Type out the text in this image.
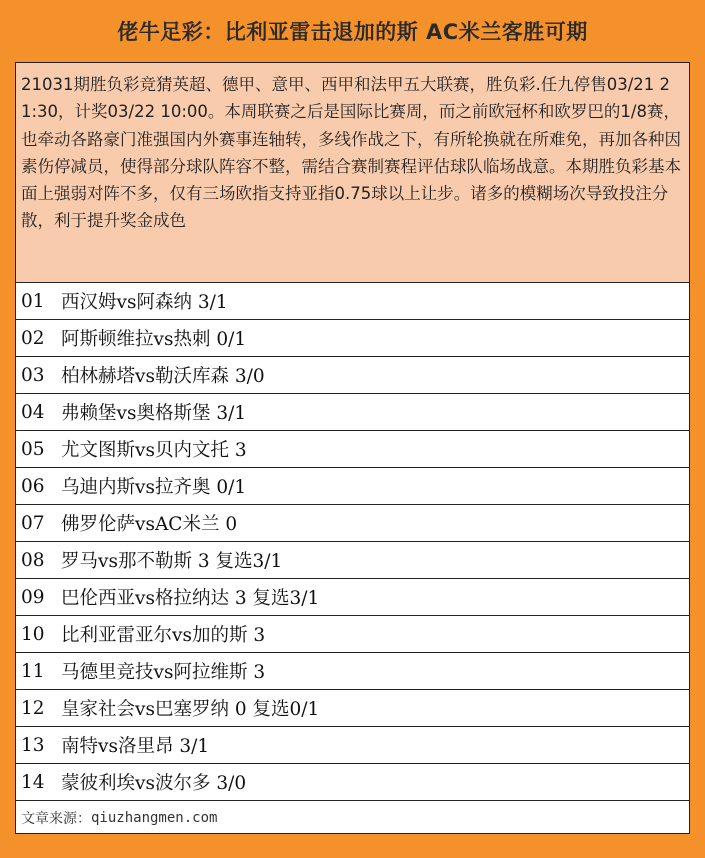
佬牛足彩：比利亚雷击退加的斯 AC米兰客胜可期
21031期胜负彩竞猜英超、德甲、意甲、西甲和法甲五大联赛，胜负彩.任九停售03/21 21:30，计奖03/22 10:00。本周联赛之后是国际比赛周，而之前欧冠杯和欧罗巴的1/8赛，也牵动各路豪门准强国内外赛事连轴转，多线作战之下，有所轮换就在所难免，再加各种因素伤停减员，使得部分球队阵容不整，需结合赛制赛程评估球队临场战意。本期胜负彩基本面上强弱对阵不多，仅有三场欧指支持亚指0.75球以上让步。诸多的模糊场次导致投注分散，利于提升奖金成色
01 西汉姆vs阿森纳 3/1
02 阿斯顿维拉vs热刺 0/1
03 柏林赫塔vs勒沃库森 3/0
04 弗赖堡vs奥格斯堡 3/1
05 尤文图斯vs贝内文托 3
06 乌迪内斯vs拉齐奥 0/1
07 佛罗伦萨vsAC米兰 0
08 罗马vs那不勒斯 3 复选3/1
09 巴伦西亚vs格拉纳达 3 复选3/1
10 比利亚雷亚尔vs加的斯 3
11 马德里竞技vs阿拉维斯 3
12 皇家社会vs巴塞罗纳 0 复选0/1
13 南特vs洛里昂 3/1
14 蒙彼利埃vs波尔多 3/0
文章来源： qiuzhangmen.com
